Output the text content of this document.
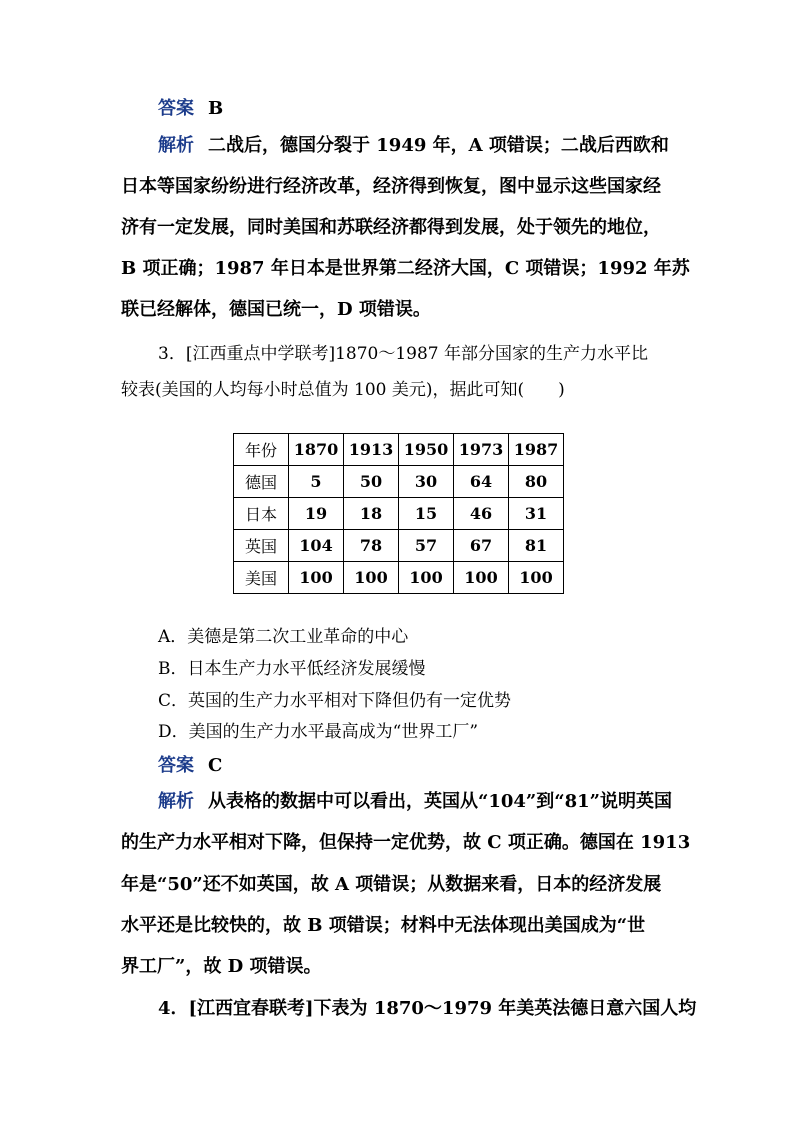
答案 B
解析 二战后，德国分裂于 1949 年，A 项错误；二战后西欧和
日本等国家纷纷进行经济改革，经济得到恢复，图中显示这些国家经
济有一定发展，同时美国和苏联经济都得到发展，处于领先的地位，
B 项正确；1987 年日本是世界第二经济大国，C 项错误；1992 年苏
联已经解体，德国已统一，D 项错误。
3．[江西重点中学联考]1870～1987 年部分国家的生产力水平比
较表(美国的人均每小时总值为 100 美元)，据此可知(　　)
年份	1870	1913	1950	1973	1987
德国	5	50	30	64	80
日本	19	18	15	46	31
英国	104	78	57	67	81
美国	100	100	100	100	100
A．美德是第二次工业革命的中心
B．日本生产力水平低经济发展缓慢
C．英国的生产力水平相对下降但仍有一定优势
D．美国的生产力水平最高成为“世界工厂”
答案 C
解析 从表格的数据中可以看出，英国从“104”到“81”说明英国
的生产力水平相对下降，但保持一定优势，故 C 项正确。德国在 1913
年是“50”还不如英国，故 A 项错误；从数据来看，日本的经济发展
水平还是比较快的，故 B 项错误；材料中无法体现出美国成为“世
界工厂”，故 D 项错误。
4．[江西宜春联考]下表为 1870～1979 年美英法德日意六国人均
